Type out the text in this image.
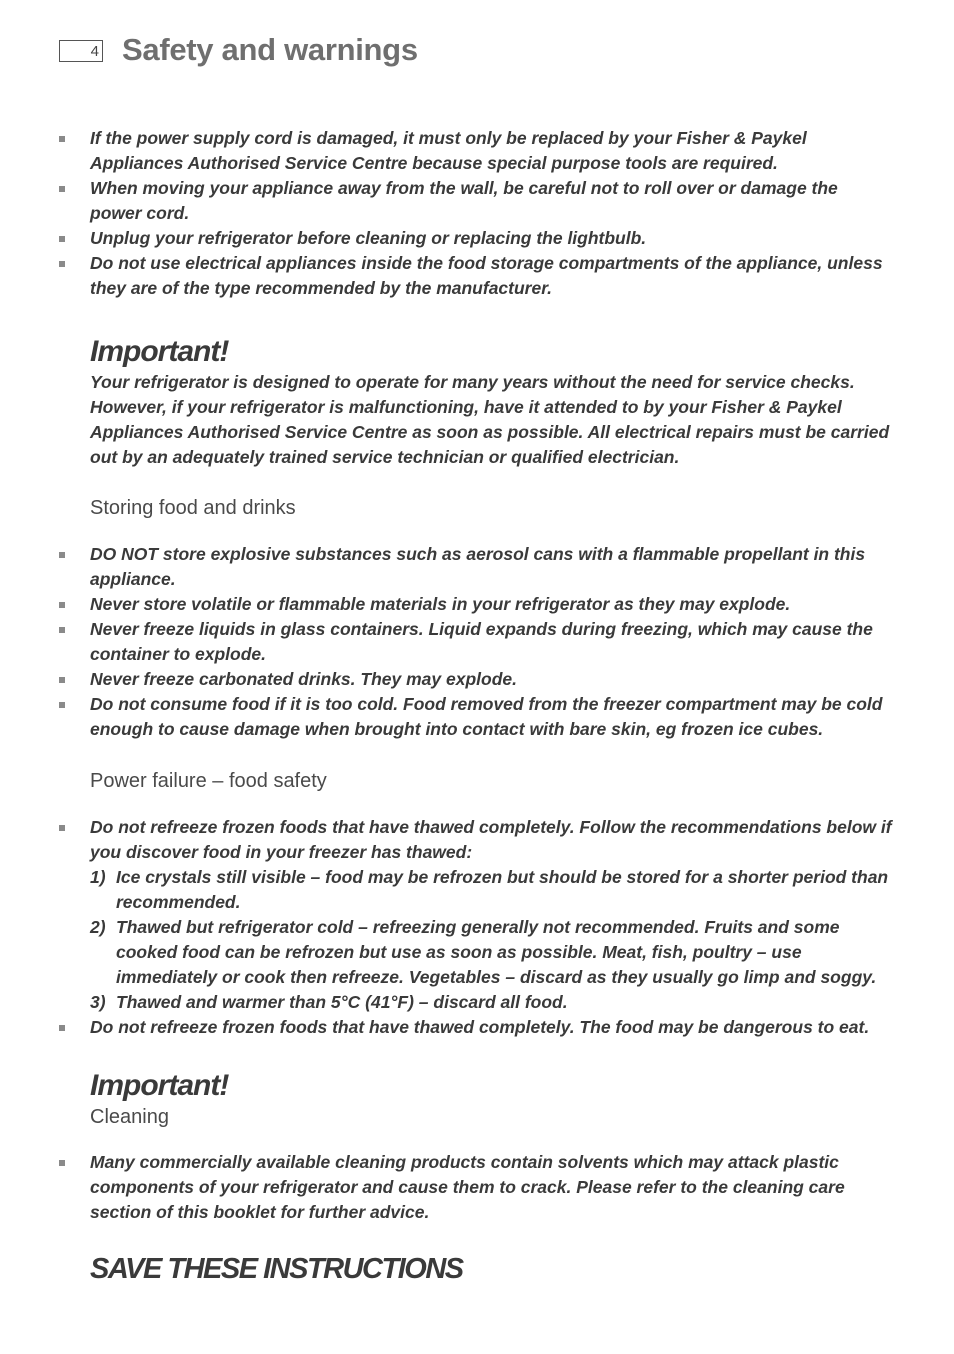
4 Safety and warnings
If the power supply cord is damaged, it must only be replaced by your Fisher & Paykel Appliances Authorised Service Centre because special purpose tools are required.
When moving your appliance away from the wall, be careful not to roll over or damage the power cord.
Unplug your refrigerator before cleaning or replacing the lightbulb.
Do not use electrical appliances inside the food storage compartments of the appliance, unless they are of the type recommended by the manufacturer.
Important!
Your refrigerator is designed to operate for many years without the need for service checks. However, if your refrigerator is malfunctioning, have it attended to by your Fisher & Paykel Appliances Authorised Service Centre as soon as possible. All electrical repairs must be carried out by an adequately trained service technician or qualified electrician.
Storing food and drinks
DO NOT store explosive substances such as aerosol cans with a flammable propellant in this appliance.
Never store volatile or flammable materials in your refrigerator as they may explode.
Never freeze liquids in glass containers. Liquid expands during freezing, which may cause the container to explode.
Never freeze carbonated drinks. They may explode.
Do not consume food if it is too cold. Food removed from the freezer compartment may be cold enough to cause damage when brought into contact with bare skin, eg frozen ice cubes.
Power failure – food safety
Do not refreeze frozen foods that have thawed completely. Follow the recommendations below if you discover food in your freezer has thawed:
1) Ice crystals still visible – food may be refrozen but should be stored for a shorter period than recommended.
2) Thawed but refrigerator cold – refreezing generally not recommended. Fruits and some cooked food can be refrozen but use as soon as possible. Meat, fish, poultry – use immediately or cook then refreeze. Vegetables – discard as they usually go limp and soggy.
3) Thawed and warmer than 5°C (41°F) – discard all food.
Do not refreeze frozen foods that have thawed completely. The food may be dangerous to eat.
Important!
Cleaning
Many commercially available cleaning products contain solvents which may attack plastic components of your refrigerator and cause them to crack. Please refer to the cleaning care section of this booklet for further advice.
SAVE THESE INSTRUCTIONS
